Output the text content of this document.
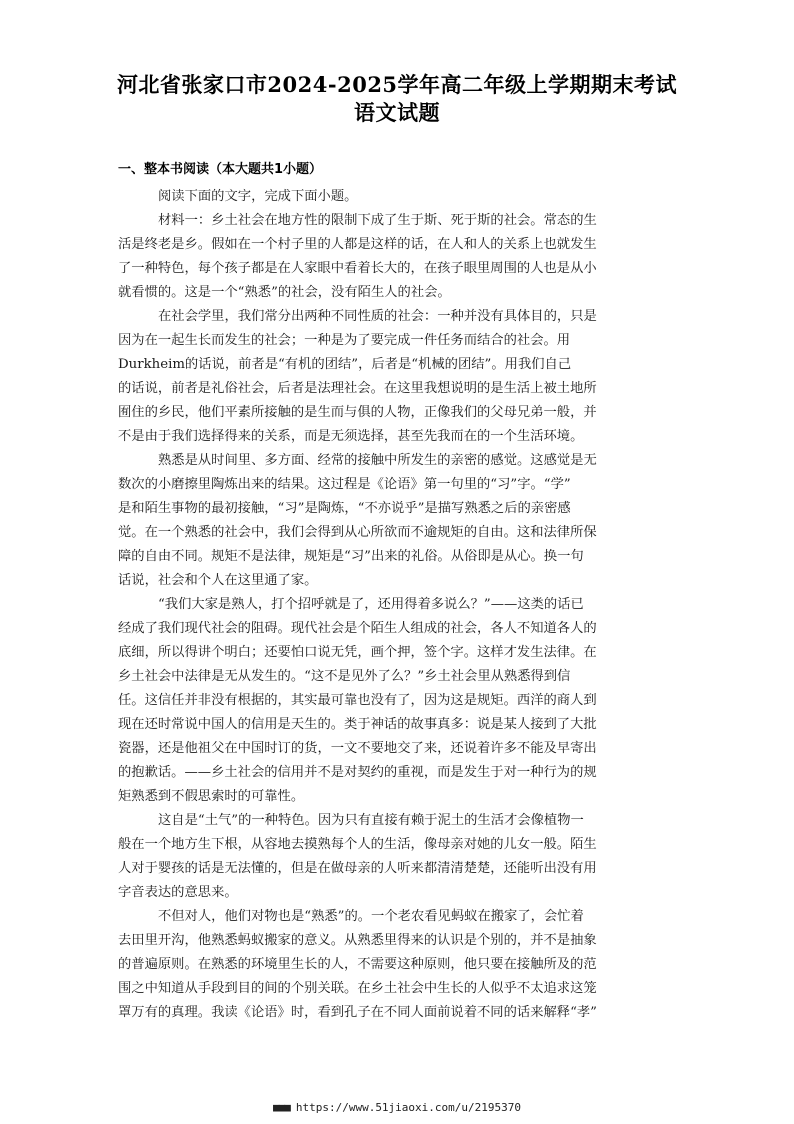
河北省张家口市2024-2025学年高二年级上学期期末考试
语文试题
一、整本书阅读（本大题共1小题）
阅读下面的文字，完成下面小题。
材料一：乡土社会在地方性的限制下成了生于斯、死于斯的社会。常态的生
活是终老是乡。假如在一个村子里的人都是这样的话，在人和人的关系上也就发生
了一种特色，每个孩子都是在人家眼中看着长大的，在孩子眼里周围的人也是从小
就看惯的。这是一个“熟悉”的社会，没有陌生人的社会。
在社会学里，我们常分出两种不同性质的社会：一种并没有具体目的，只是
因为在一起生长而发生的社会；一种是为了要完成一件任务而结合的社会。用
Durkheim的话说，前者是“有机的团结”，后者是“机械的团结”。用我们自己
的话说，前者是礼俗社会，后者是法理社会。在这里我想说明的是生活上被土地所
囿住的乡民，他们平素所接触的是生而与俱的人物，正像我们的父母兄弟一般，并
不是由于我们选择得来的关系，而是无须选择，甚至先我而在的一个生活环境。
熟悉是从时间里、多方面、经常的接触中所发生的亲密的感觉。这感觉是无
数次的小磨擦里陶炼出来的结果。这过程是《论语》第一句里的“习”字。“学”
是和陌生事物的最初接触，“习”是陶炼，“不亦说乎”是描写熟悉之后的亲密感
觉。在一个熟悉的社会中，我们会得到从心所欲而不逾规矩的自由。这和法律所保
障的自由不同。规矩不是法律，规矩是“习”出来的礼俗。从俗即是从心。换一句
话说，社会和个人在这里通了家。
“我们大家是熟人，打个招呼就是了，还用得着多说么？”——这类的话已
经成了我们现代社会的阻碍。现代社会是个陌生人组成的社会，各人不知道各人的
底细，所以得讲个明白；还要怕口说无凭，画个押，签个字。这样才发生法律。在
乡土社会中法律是无从发生的。“这不是见外了么？”乡土社会里从熟悉得到信
任。这信任并非没有根据的，其实最可靠也没有了，因为这是规矩。西洋的商人到
现在还时常说中国人的信用是天生的。类于神话的故事真多：说是某人接到了大批
瓷器，还是他祖父在中国时订的货，一文不要地交了来，还说着许多不能及早寄出
的抱歉话。——乡土社会的信用并不是对契约的重视，而是发生于对一种行为的规
矩熟悉到不假思索时的可靠性。
这自是“土气”的一种特色。因为只有直接有赖于泥土的生活才会像植物一
般在一个地方生下根，从容地去摸熟每个人的生活，像母亲对她的儿女一般。陌生
人对于婴孩的话是无法懂的，但是在做母亲的人听来都清清楚楚，还能听出没有用
字音表达的意思来。
不但对人，他们对物也是“熟悉”的。一个老农看见蚂蚁在搬家了，会忙着
去田里开沟，他熟悉蚂蚁搬家的意义。从熟悉里得来的认识是个别的，并不是抽象
的普遍原则。在熟悉的环境里生长的人，不需要这种原则，他只要在接触所及的范
围之中知道从手段到目的间的个别关联。在乡土社会中生长的人似乎不太追求这笼
罩万有的真理。我读《论语》时，看到孔子在不同人面前说着不同的话来解释“孝”
■■■ https://www.51jiaoxi.com/u/2195370
